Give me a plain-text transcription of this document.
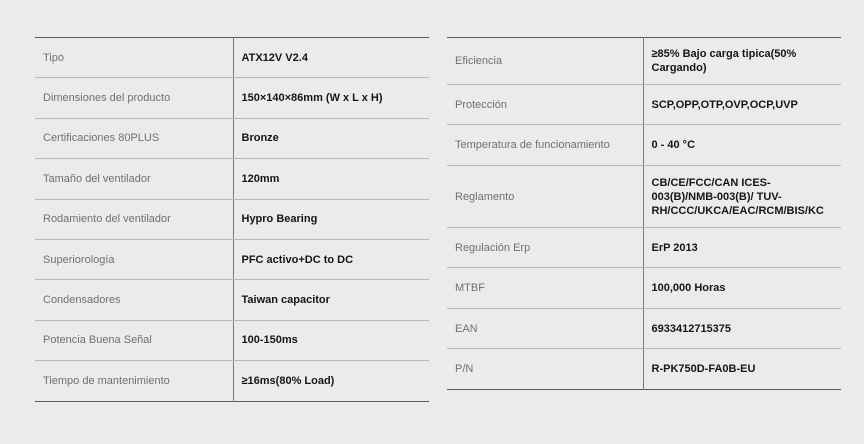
Tipo	ATX12V V2.4
Dimensiones del producto	150×140×86mm (W x L x H)
Certificaciones 80PLUS	Bronze
Tamaño del ventilador	120mm
Rodamiento del ventilador	Hypro Bearing
Superiorología	PFC activo+DC to DC
Condensadores	Taiwan capacitor
Potencia Buena Señal	100-150ms
Tiempo de mantenimiento	≥16ms(80% Load)
Eficiencia	≥85% Bajo carga tipica(50% Cargando)
Protección	SCP,OPP,OTP,OVP,OCP,UVP
Temperatura de funcionamiento	0 - 40 °C
Reglamento	CB/CE/FCC/CAN ICES-003(B)/NMB-003(B)/ TUV-RH/CCC/UKCA/EAC/RCM/BIS/KC
Regulación Erp	ErP 2013
MTBF	100,000 Horas
EAN	6933412715375
P/N	R-PK750D-FA0B-EU
